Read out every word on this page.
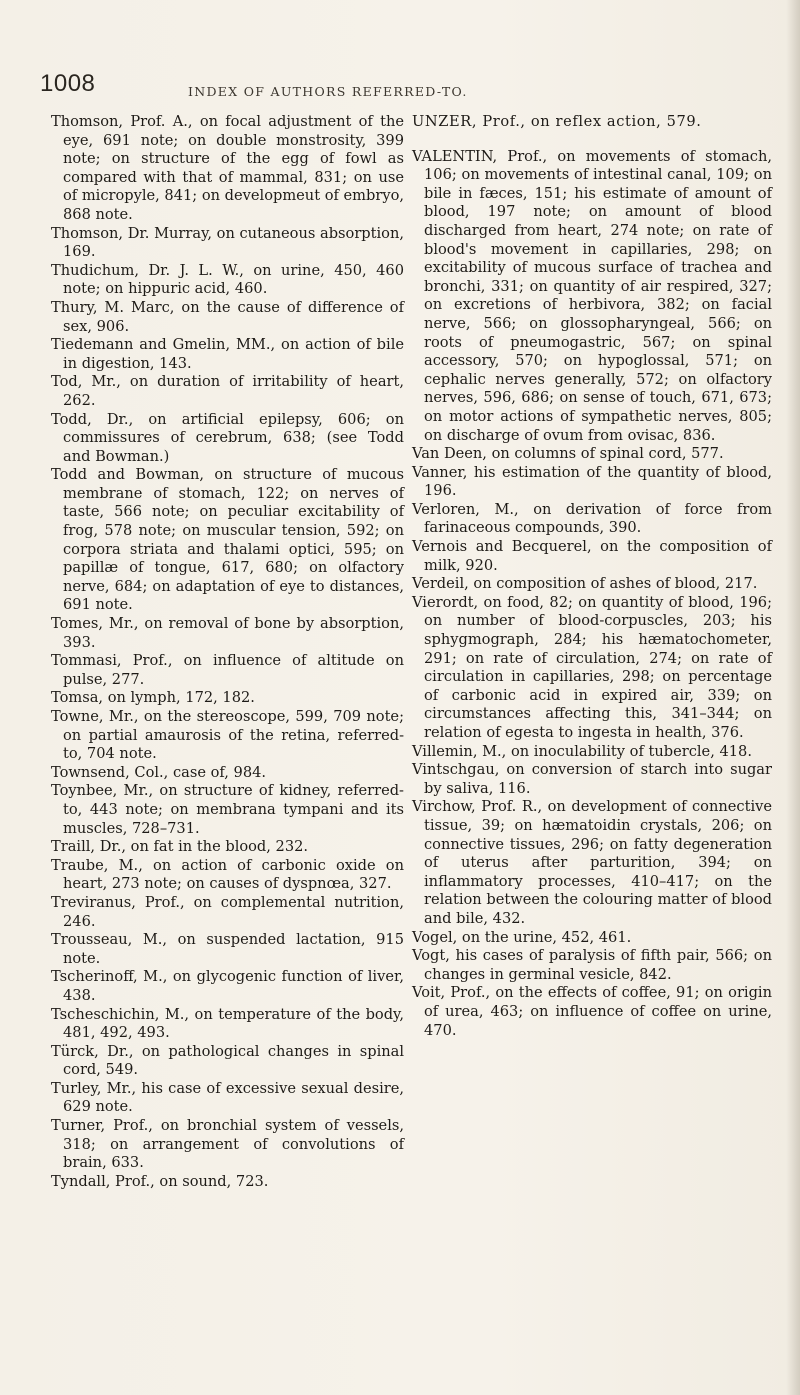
1008	INDEX OF AUTHORS REFERRED-TO.

Thomson, Prof. A., on focal adjustment of the eye, 691 note; on double monstrosity, 399 note; on structure of the egg of fowl as compared with that of mammal, 831; on use of micropyle, 841; on developmeut of embryo, 868 note.

Thomson, Dr. Murray, on cutaneous absorption, 169.

Thudichum, Dr. J. L. W., on urine, 450, 460 note; on hippuric acid, 460.

Thury, M. Marc, on the cause of difference of sex, 906.

Tiedemann and Gmelin, MM., on action of bile in digestion, 143.

Tod, Mr., on duration of irritability of heart, 262.

Todd, Dr., on artificial epilepsy, 606; on commissures of cerebrum, 638; (see Todd and Bowman.)

Todd and Bowman, on structure of mucous membrane of stomach, 122; on nerves of taste, 566 note; on peculiar excitability of frog, 578 note; on muscular tension, 592; on corpora striata and thalami optici, 595; on papillæ of tongue, 617, 680; on olfactory nerve, 684; on adaptation of eye to distances, 691 note.

Tomes, Mr., on removal of bone by absorption, 393.

Tommasi, Prof., on influence of altitude on pulse, 277.

Tomsa, on lymph, 172, 182.

Towne, Mr., on the stereoscope, 599, 709 note; on partial amaurosis of the retina, referred-to, 704 note.

Townsend, Col., case of, 984.

Toynbee, Mr., on structure of kidney, referred-to, 443 note; on membrana tympani and its muscles, 728–731.

Traill, Dr., on fat in the blood, 232.

Traube, M., on action of carbonic oxide on heart, 273 note; on causes of dyspnœa, 327.

Treviranus, Prof., on complemental nutrition, 246.

Trousseau, M., on suspended lactation, 915 note.

Tscherinoff, M., on glycogenic function of liver, 438.

Tscheschichin, M., on temperature of the body, 481, 492, 493.

Türck, Dr., on pathological changes in spinal cord, 549.

Turley, Mr., his case of excessive sexual desire, 629 note.

Turner, Prof., on bronchial system of vessels, 318; on arrangement of convolutions of brain, 633.

Tyndall, Prof., on sound, 723.

UNZER, Prof., on reflex action, 579.

VALENTIN, Prof., on movements of stomach, 106; on movements of intestinal canal, 109; on bile in fæces, 151; his estimate of amount of blood, 197 note; on amount of blood discharged from heart, 274 note; on rate of blood's movement in capillaries, 298; on excitability of mucous surface of trachea and bronchi, 331; on quantity of air respired, 327; on excretions of herbivora, 382; on facial nerve, 566; on glossopharyngeal, 566; on roots of pneumogastric, 567; on spinal accessory, 570; on hypoglossal, 571; on cephalic nerves generally, 572; on olfactory nerves, 596, 686; on sense of touch, 671, 673; on motor actions of sympathetic nerves, 805; on discharge of ovum from ovisac, 836.

Van Deen, on columns of spinal cord, 577.

Vanner, his estimation of the quantity of blood, 196.

Verloren, M., on derivation of force from farinaceous compounds, 390.

Vernois and Becquerel, on the composition of milk, 920.

Verdeil, on composition of ashes of blood, 217.

Vierordt, on food, 82; on quantity of blood, 196; on number of blood-corpuscles, 203; his sphygmograph, 284; his hæmatochometer, 291; on rate of circulation, 274; on rate of circulation in capillaries, 298; on percentage of carbonic acid in expired air, 339; on circumstances affecting this, 341–344; on relation of egesta to ingesta in health, 376.

Villemin, M., on inoculability of tubercle, 418.

Vintschgau, on conversion of starch into sugar by saliva, 116.

Virchow, Prof. R., on development of connective tissue, 39; on hæmatoidin crystals, 206; on connective tissues, 296; on fatty degeneration of uterus after parturition, 394; on inflammatory processes, 410–417; on the relation between the colouring matter of blood and bile, 432.

Vogel, on the urine, 452, 461.

Vogt, his cases of paralysis of fifth pair, 566; on changes in germinal vesicle, 842.

Voit, Prof., on the effects of coffee, 91; on origin of urea, 463; on influence of coffee on urine, 470.
